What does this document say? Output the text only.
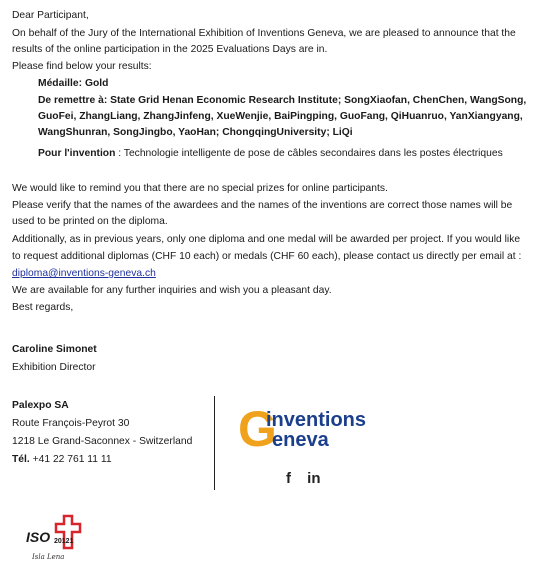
Dear Participant,
On behalf of the Jury of the International Exhibition of Inventions Geneva, we are pleased to announce that the
results of the online participation in the 2025 Evaluations Days are in.
Please find below your results:
Médaille: Gold
De remettre à: State Grid Henan Economic Research Institute; SongXiaofan, ChenChen, WangSong, GuoFei, ZhangLiang, ZhangJinfeng, XueWenjie, BaiPingping, GuoFang, QiHuanruo, YanXiangyang, WangShunran, SongJingbo, YaoHan; ChongqingUniversity; LiQi
Pour l'invention : Technologie intelligente de pose de câbles secondaires dans les postes électriques
We would like to remind you that there are no special prizes for online participants.
Please verify that the names of the awardees and the names of the inventions are correct those names will be
used to be printed on the diploma.
Additionally, as in previous years, only one diploma and one medal will be awarded per project. If you would like
to request additional diplomas (CHF 10 each) or medals (CHF 60 each), please contact us directly per email at :
diploma@inventions-geneva.ch
We are available for any further inquiries and wish you a pleasant day.
Best regards,
Caroline Simonet
Exhibition Director
Palexpo SA
Route François-Peyrot 30
1218 Le Grand-Saconnex - Switzerland
Tél. +41 22 761 11 11
G
inventions
eneva
f in
ISO 20121
Isla Lena
